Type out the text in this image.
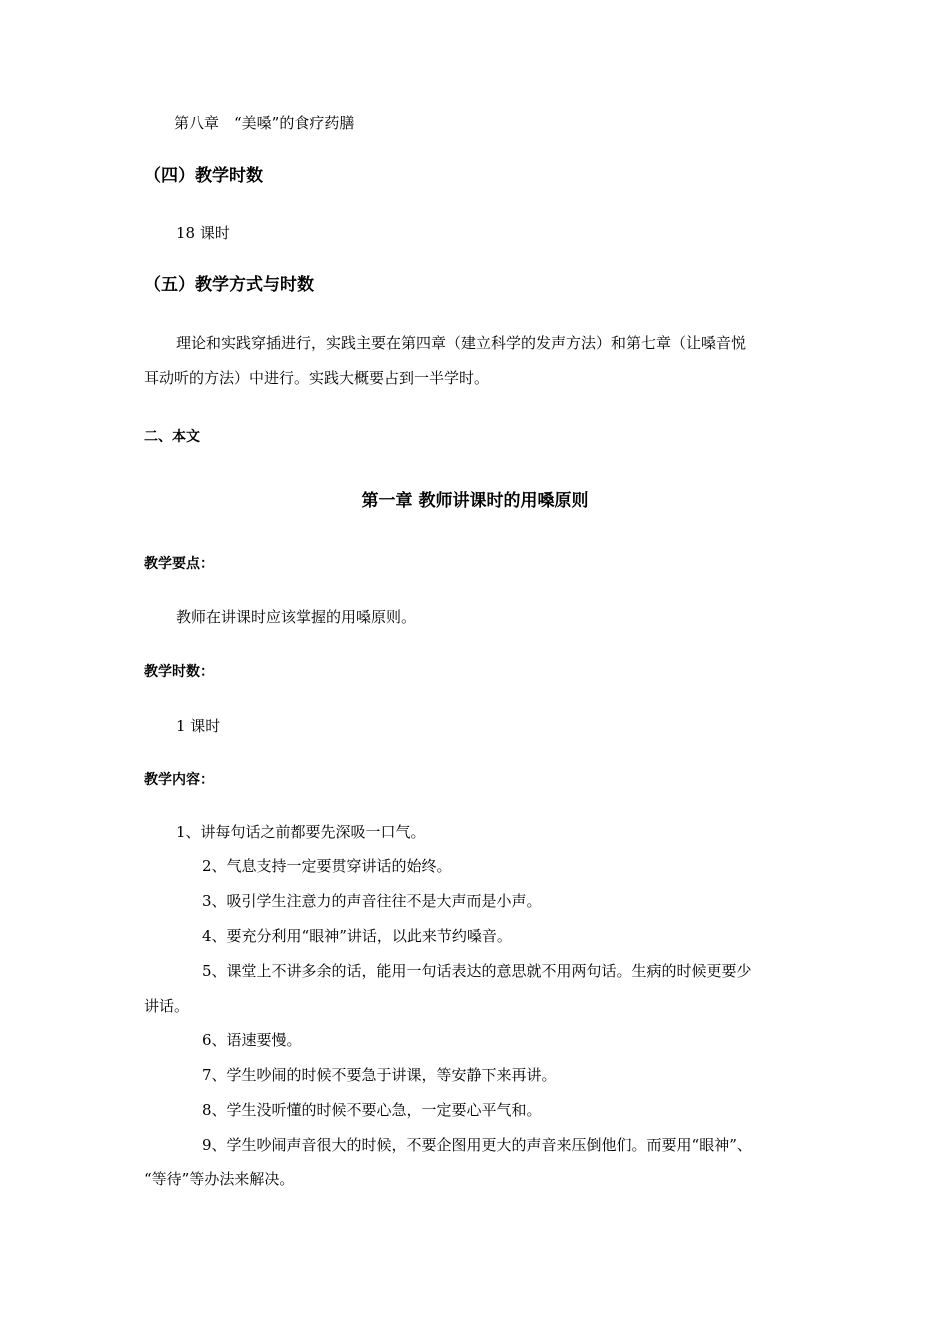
第八章　“美嗓”的食疗药膳
（四）教学时数
18 课时
（五）教学方式与时数
理论和实践穿插进行，实践主要在第四章（建立科学的发声方法）和第七章（让嗓音悦
耳动听的方法）中进行。实践大概要占到一半学时。
二、本文
第一章 教师讲课时的用嗓原则
教学要点：
教师在讲课时应该掌握的用嗓原则。
教学时数：
1 课时
教学内容：
1、讲每句话之前都要先深吸一口气。
2、气息支持一定要贯穿讲话的始终。
3、吸引学生注意力的声音往往不是大声而是小声。
4、要充分利用“眼神”讲话，以此来节约嗓音。
5、课堂上不讲多余的话，能用一句话表达的意思就不用两句话。生病的时候更要少
讲话。
6、语速要慢。
7、学生吵闹的时候不要急于讲课，等安静下来再讲。
8、学生没听懂的时候不要心急，一定要心平气和。
9、学生吵闹声音很大的时候，不要企图用更大的声音来压倒他们。而要用“眼神”、
“等待”等办法来解决。
